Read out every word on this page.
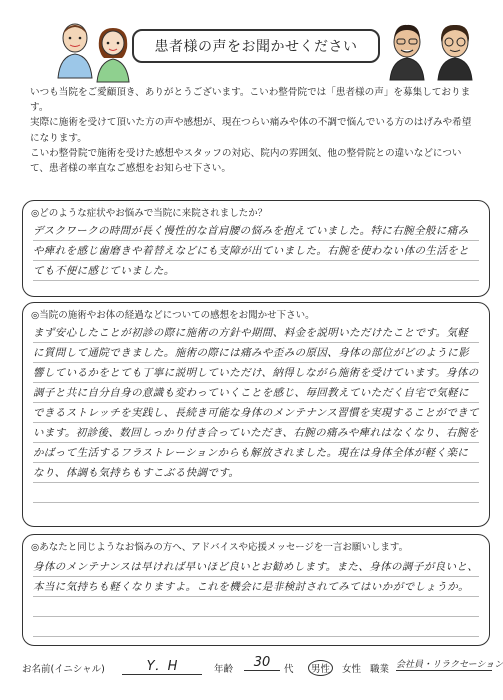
患者様の声をお聞かせください
いつも当院をご愛顧頂き、ありがとうございます。こいわ整骨院では「患者様の声」を募集しております。
実際に施術を受けて頂いた方の声や感想が、現在つらい痛みや体の不調で悩んでいる方のはげみや希望になります。
こいわ整骨院で施術を受けた感想やスタッフの対応、院内の雰囲気、他の整骨院との違いなどについて、患者様の率直なご感想をお知らせ下さい。
◎どのような症状やお悩みで当院に来院されましたか？
デスクワークの時間が長く慢性的な首肩腰の悩みを抱えていました。特に右腕全般に痛みや痺れを感じ歯磨きや着替えなどにも支障が出ていました。右腕を使わない体の生活をとても不便に感じていました。
◎当院の施術やお体の経過などについての感想をお聞かせ下さい。
まず安心したことが初診の際に施術の方針や期間、料金を説明いただけたことです。気軽に質問して通院できました。施術の際には痛みや歪みの原因、身体の部位がどのように影響しているかをとても丁寧に説明していただけ、納得しながら施術を受けています。身体の調子と共に自分自身の意識も変わっていくことを感じ、毎回教えていただく自宅で気軽にできるストレッチを実践し、長続き可能な身体のメンテナンス習慣を実現することができています。初診後、数回しっかり付き合っていただき、右腕の痛みや痺れはなくなり、右腕をかばって生活するフラストレーションからも解放されました。現在は身体全体が軽く楽になり、体調も気持ちもすこぶる快調です。
◎あなたと同じようなお悩みの方へ、アドバイスや応援メッセージを一言お願いします。
身体のメンテナンスは早ければ早いほど良いとお勧めします。また、身体の調子が良いと、本当に気持ちも軽くなりますよ。これを機会に是非検討されてみてはいかがでしょうか。
お名前(イニシャル)	Y．H	年齢	30	代	男性	女性 職業 会社員・リラクセーション
